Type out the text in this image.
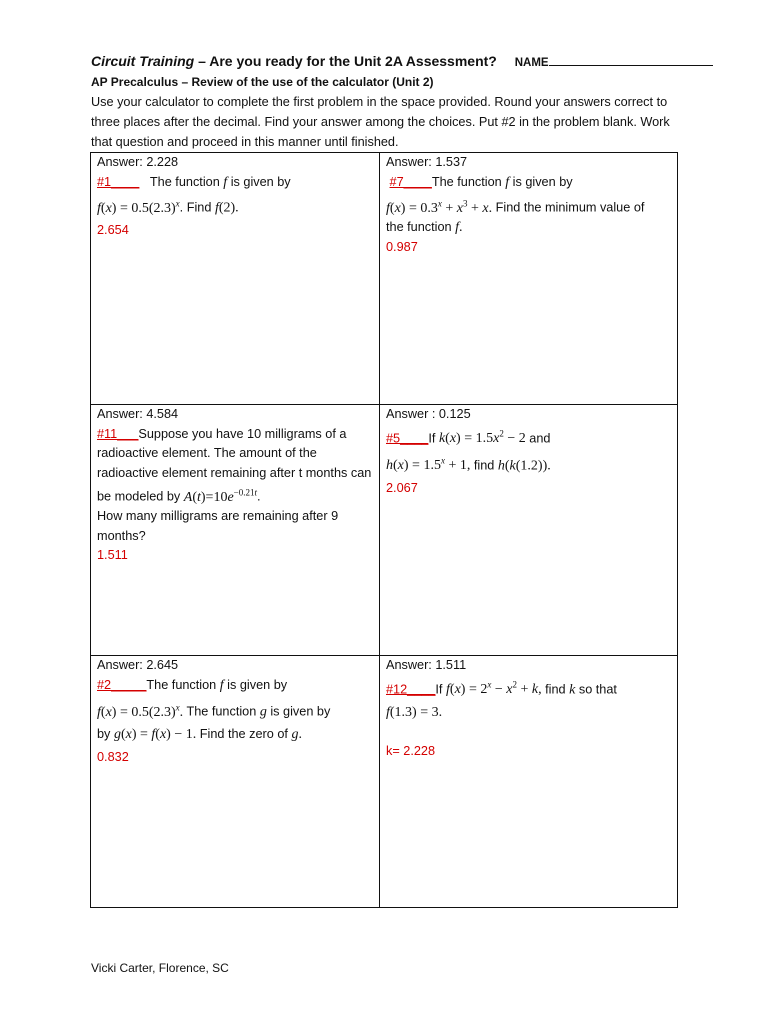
Circuit Training – Are you ready for the Unit 2A Assessment? NAME
AP Precalculus – Review of the use of the calculator (Unit 2)
Use your calculator to complete the first problem in the space provided. Round your answers correct to three places after the decimal. Find your answer among the choices. Put #2 in the problem blank. Work that question and proceed in this manner until finished.
Answer: 2.228
#1____ The function f is given by
$f(x) = 0.5(2.3)^x$. Find f(2).
2.654
Answer: 1.537
#7____The function f is given by
$f(x) = 0.3^x + x^3 + x$. Find the minimum value of the function f.
0.987
Answer: 4.584
#11___Suppose you have 10 milligrams of a radioactive element. The amount of the radioactive element remaining after t months can be modeled by $A(t)=10e^{-0.21t}$.
How many milligrams are remaining after 9 months?
1.511
Answer : 0.125
#5____If $k(x) = 1.5x^2 - 2$ and
$h(x) = 1.5^x + 1$, find h(k(1.2)).
2.067
Answer: 2.645
#2_____The function f is given by
$f(x) = 0.5(2.3)^x$. The function g is given by
by g(x) = f(x) − 1. Find the zero of g.
0.832
Answer: 1.511
#12____If $f(x) = 2^x - x^2 + k$, find k so that
f(1.3) = 3.
k= 2.228
Vicki Carter, Florence, SC
